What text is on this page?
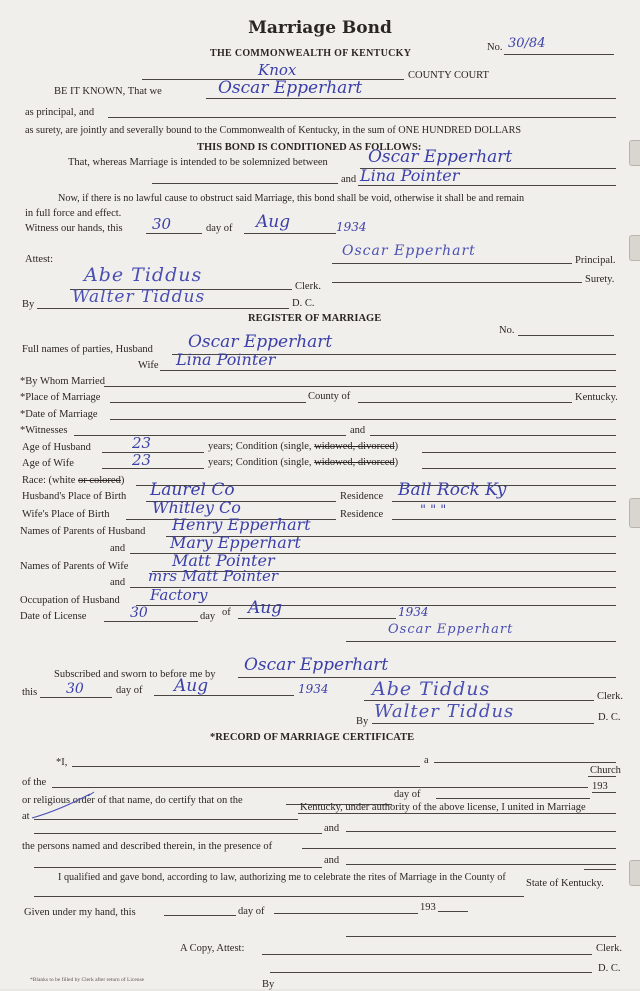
Marriage Bond
THE COMMONWEALTH OF KENTUCKY
No. 30/84
Knox	COUNTY COURT
BE IT KNOWN, That we	Oscar Epperhart
as principal, and
as surety, are jointly and severally bound to the Commonwealth of Kentucky, in the sum of ONE HUNDRED DOLLARS
THIS BOND IS CONDITIONED AS FOLLOWS:
That, whereas Marriage is intended to be solemnized between Oscar Epperhart
and Lina Pointer
Now, if there is no lawful cause to obstruct said Marriage, this bond shall be void, otherwise it shall be and remain
in full force and effect.
Witness our hands, this 30	day of Aug	1934
Attest:
Oscar Epperhart
Principal.
Surety.
Abe Tiddus
Clerk.
By Walter Tiddus	D. C.
REGISTER OF MARRIAGE
No.
Full names of parties, Husband Oscar Epperhart
Wife Lina Pointer
*By Whom Married
*Place of Marriage	County of	Kentucky.
*Date of Marriage
*Witnesses	and
Age of Husband	23	years; Condition (single, widowed, divorced)
Age of Wife	23	years; Condition (single, widowed, divorced)
Race: (white or colored)
Husband's Place of Birth Laurel Co	Residence Ball Rock Ky
Wife's Place of Birth	Whitley Co	Residence	" " "
Names of Parents of Husband Henry Epperhart
and	Mary Epperhart
Names of Parents of Wife	Matt Pointer
and mrs Matt Pointer
Occupation of Husband Factory
Date of License	30	day of Aug	1934
Oscar Epperhart
Subscribed and sworn to before me by Oscar Epperhart
this 30	day of Aug	1934 Abe Tiddus	Clerk.
By Walter Tiddus	D. C.
*RECORD OF MARRIAGE CERTIFICATE
*I,	a
of the
Church
or religious order of that name, do certify that on the
day of
193
at
Kentucky, under authority of the above license, I united in Marriage
and
the persons named and described therein, in the presence of
and
I qualified and gave bond, according to law, authorizing me to celebrate the rites of Marriage in the County of
State of Kentucky.
Given under my hand, this	day of	193
A Copy, Attest:	Clerk.
D. C.
By
*Blanks to be filled by Clerk after return of License
